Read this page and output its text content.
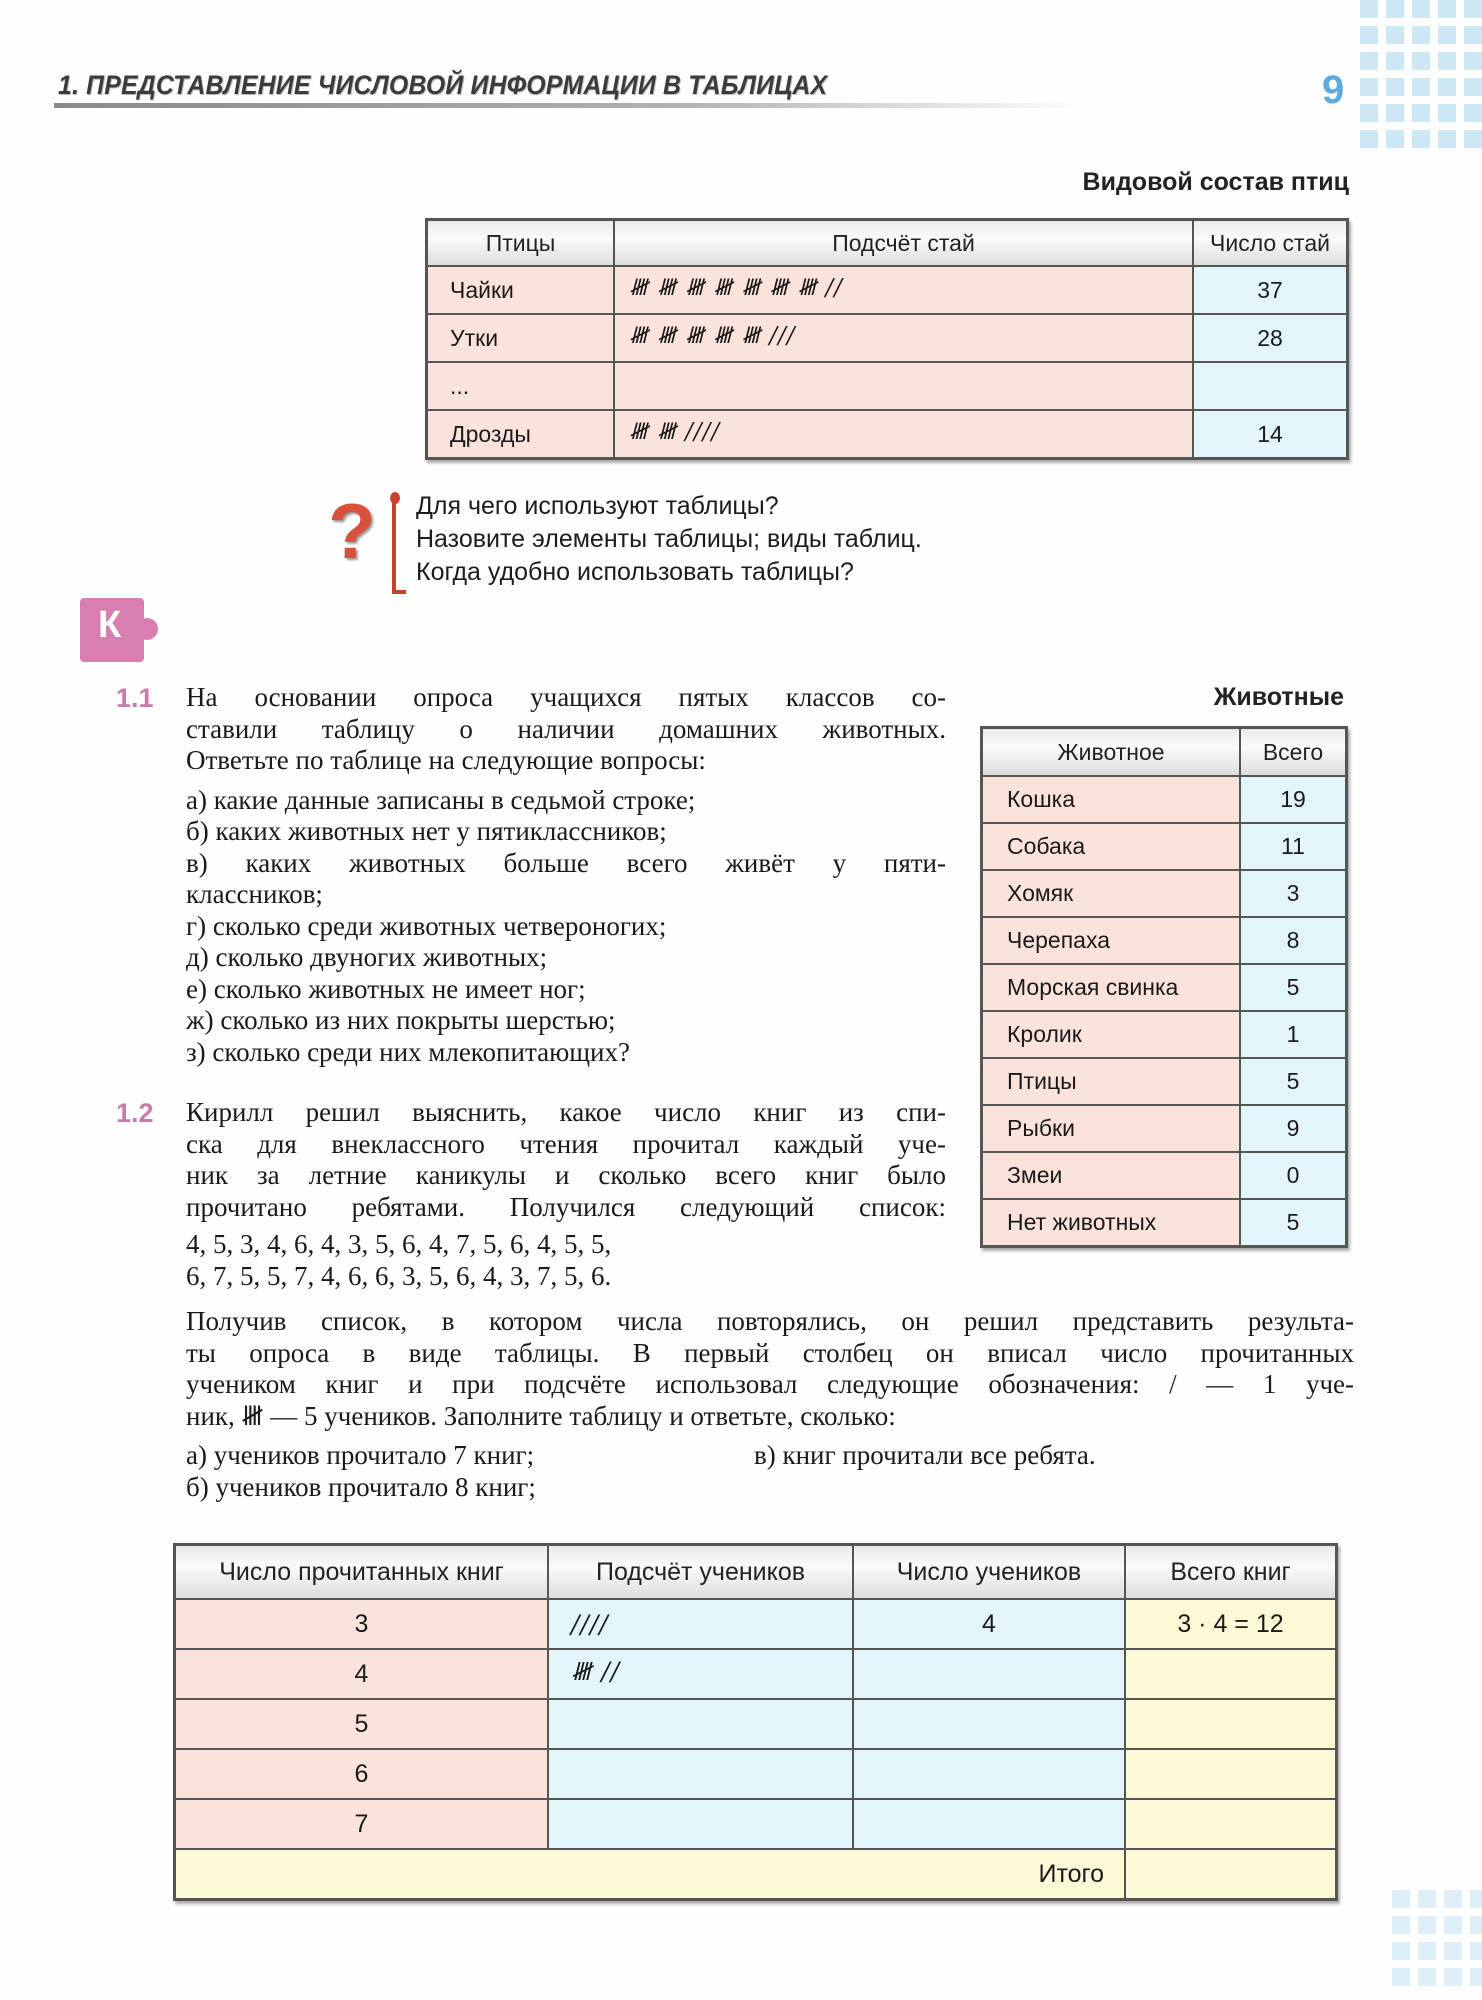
1. ПРЕДСТАВЛЕНИЕ ЧИСЛОВОЙ ИНФОРМАЦИИ В ТАБЛИЦАХ	9
Видовой состав птиц
Птицы	Подсчёт стай	Число стай
Чайки	𝍸 𝍸 𝍸 𝍸 𝍸 𝍸 𝍸 //	37
Утки	𝍸 𝍸 𝍸 𝍸 𝍸 ///	28
...		
Дрозды	𝍸 𝍸 ////	14
? Для чего используют таблицы?
Назовите элементы таблицы; виды таблиц.
Когда удобно использовать таблицы?
К
1.1 На основании опроса учащихся пятых классов со-

ставили таблицу о наличии домашних животных.

Ответьте по таблице на следующие вопросы:

а) какие данные записаны в седьмой строке;

б) каких животных нет у пятиклассников;

в) каких животных больше всего живёт у пяти-

классников;

г) сколько среди животных четвероногих;

д) сколько двуногих животных;

е) сколько животных не имеет ног;

ж) сколько из них покрыты шерстью;

з) сколько среди них млекопитающих?

Животные
Животное	Всего
Кошка	19
Собака	11
Хомяк	3
Черепаха	8
Морская свинка	5
Кролик	1
Птицы	5
Рыбки	9
Змеи	0
Нет животных	5
1.2 Кирилл решил выяснить, какое число книг из спи-

ска для внеклассного чтения прочитал каждый уче-

ник за летние каникулы и сколько всего книг было

прочитано ребятами. Получился следующий список:

4, 5, 3, 4, 6, 4, 3, 5, 6, 4, 7, 5, 6, 4, 5, 5,

6, 7, 5, 5, 7, 4, 6, 6, 3, 5, 6, 4, 3, 7, 5, 6.

Получив список, в котором числа повторялись, он решил представить результа-

ты опроса в виде таблицы. В первый столбец он вписал число прочитанных

учеником книг и при подсчёте использовал следующие обозначения: / — 1 уче-

ник, 𝍸 — 5 учеников. Заполните таблицу и ответьте, сколько:

а) учеников прочитало 7 книг;

б) учеников прочитало 8 книг;

в) книг прочитали все ребята.

Число прочитанных книг	Подсчёт учеников	Число учеников	Всего книг
3	////	4	3 · 4 = 12
4	𝍸 //		
5			
6			
7			
Итого			
